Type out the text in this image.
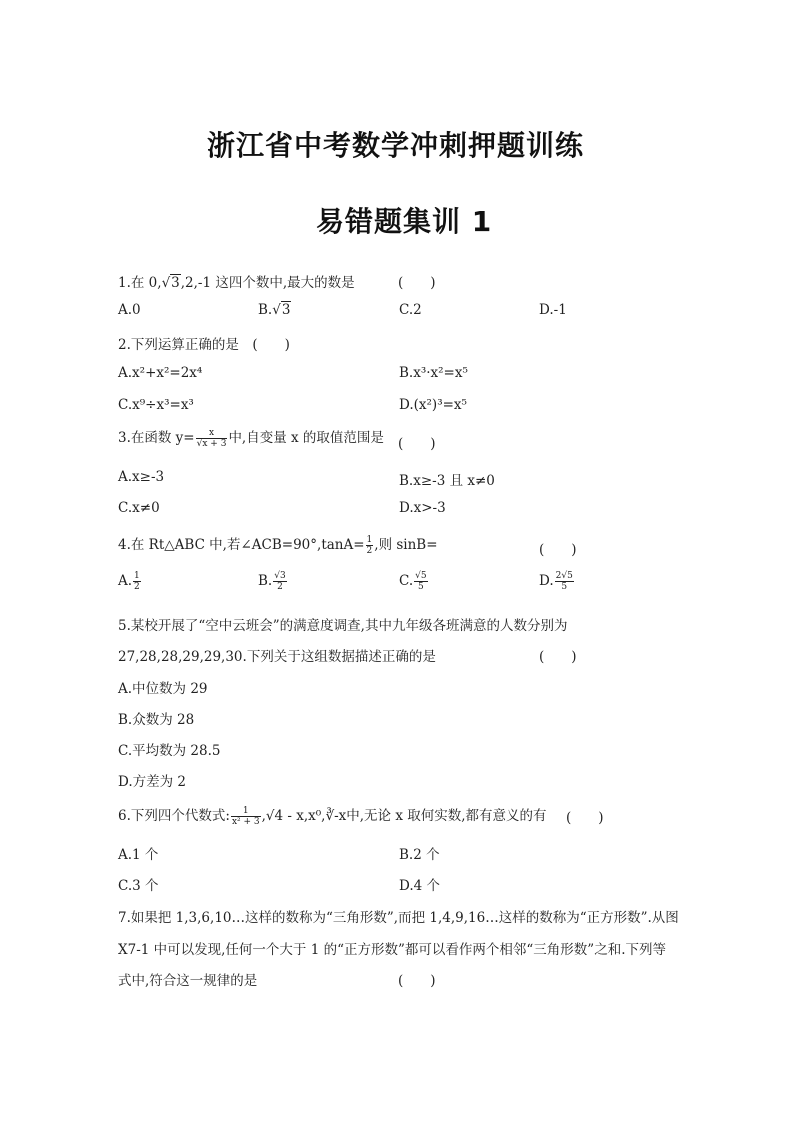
浙江省中考数学冲刺押题训练
易错题集训 1
1.在 0,√3,2,-1 这四个数中,最大的数是	(　　)
A.0	B.√3	C.2	D.-1
2.下列运算正确的是　(　　)
A.x²+x²=2x⁴	B.x³·x²=x⁵
C.x⁹÷x³=x³	D.(x²)³=x⁵
3.在函数 $y= \frac{x}{√x + 3}$ 中,自变量 x 的取值范围是 (　　)
A.x≥-3	B.x≥-3 且 x≠0
C.x≠0	D.x>-3
4.在 Rt△ABC 中,若∠ACB=90°,tanA= $\frac{1}{2}$ ,则 sinB=	(　　)
A. $\frac{1}{2}$	B. $\frac{√3}{2}$	C. $\frac{√5}{5}$	D. $\frac{2√5}{5}$
5.某校开展了“空中云班会”的满意度调查,其中九年级各班满意的人数分别为
27,28,28,29,29,30.下列关于这组数据描述正确的是	(　　)
A.中位数为 29
B.众数为 28
C.平均数为 28.5
D.方差为 2
6.下列四个代数式: $\frac{1}{\text{x² + 3}} ,√4$ - x,x⁰,∛-x中,无论 x 取何实数,都有意义的有 (　　)
A.1 个	B.2 个
C.3 个	D.4 个
7.如果把 1,3,6,10…这样的数称为“三角形数”,而把 1,4,9,16…这样的数称为“正方形数”.从图
X7-1 中可以发现,任何一个大于 1 的“正方形数”都可以看作两个相邻“三角形数”之和.下列等
式中,符合这一规律的是	(　　)
